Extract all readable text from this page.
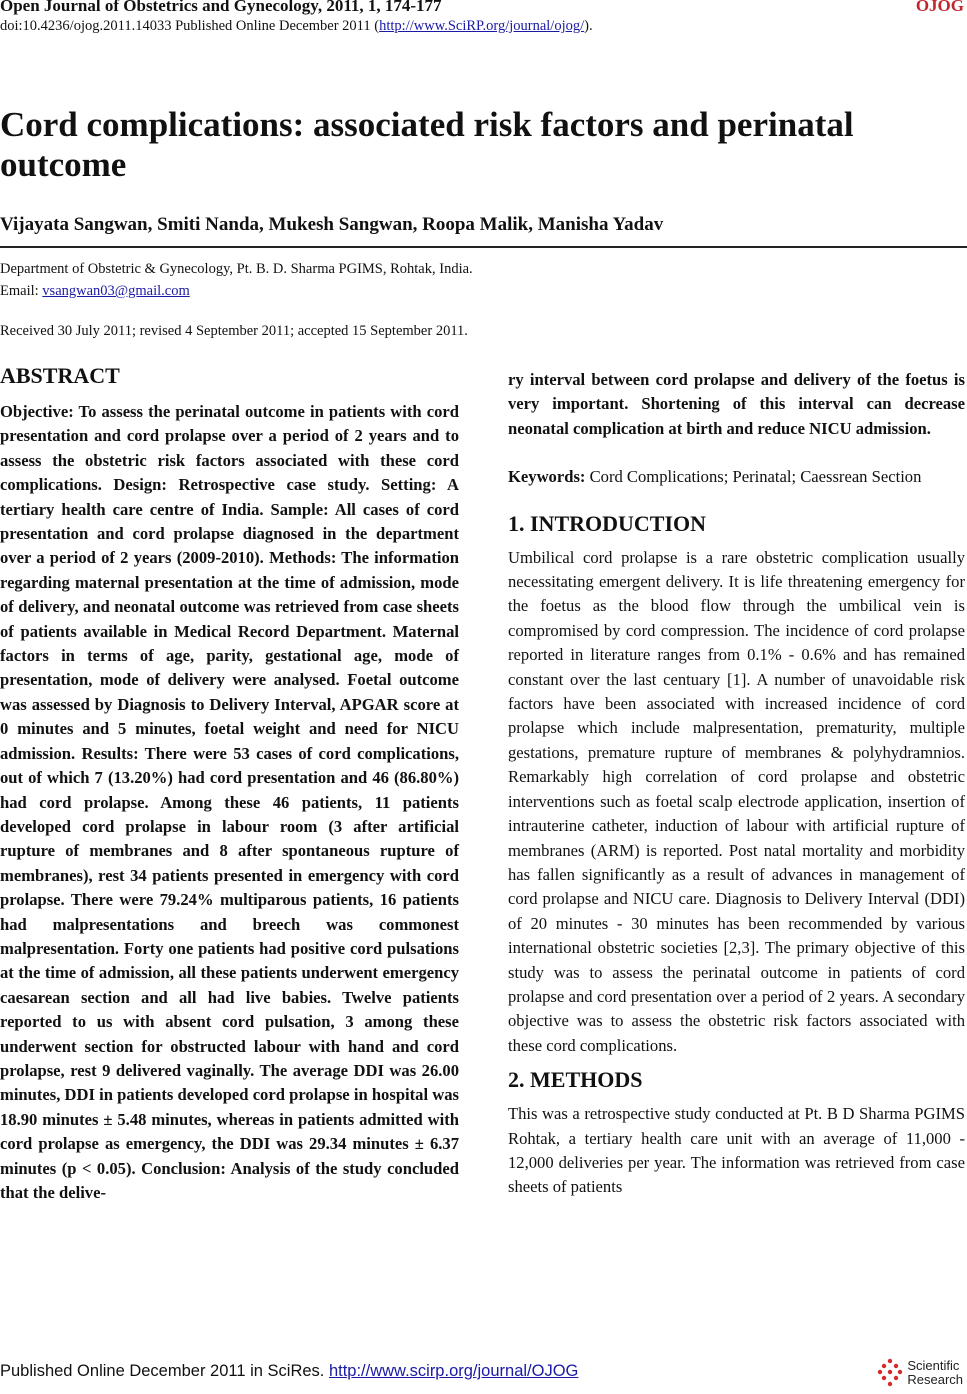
Open Journal of Obstetrics and Gynecology, 2011, 1, 174-177	OJOG
doi:10.4236/ojog.2011.14033 Published Online December 2011 (http://www.SciRP.org/journal/ojog/).
Cord complications: associated risk factors and perinatal outcome
Vijayata Sangwan, Smiti Nanda, Mukesh Sangwan, Roopa Malik, Manisha Yadav
Department of Obstetric & Gynecology, Pt. B. D. Sharma PGIMS, Rohtak, India.
Email: vsangwan03@gmail.com
Received 30 July 2011; revised 4 September 2011; accepted 15 September 2011.
ABSTRACT

Objective: To assess the perinatal outcome in patients with cord presentation and cord prolapse over a period of 2 years and to assess the obstetric risk factors associated with these cord complications. Design: Retrospective case study. Setting: A tertiary health care centre of India. Sample: All cases of cord presentation and cord prolapse diagnosed in the department over a period of 2 years (2009-2010). Methods: The information regarding maternal presentation at the time of admission, mode of delivery, and neonatal outcome was retrieved from case sheets of patients available in Medical Record Department. Maternal factors in terms of age, parity, gestational age, mode of presentation, mode of delivery were analysed. Foetal outcome was assessed by Diagnosis to Delivery Interval, APGAR score at 0 minutes and 5 minutes, foetal weight and need for NICU admission. Results: There were 53 cases of cord complications, out of which 7 (13.20%) had cord presentation and 46 (86.80%) had cord prolapse. Among these 46 patients, 11 patients developed cord prolapse in labour room (3 after artificial rupture of membranes and 8 after spontaneous rupture of membranes), rest 34 patients presented in emergency with cord prolapse. There were 79.24% multiparous patients, 16 patients had malpresentations and breech was commonest malpresentation. Forty one patients had positive cord pulsations at the time of admission, all these patients underwent emergency caesarean section and all had live babies. Twelve patients reported to us with absent cord pulsation, 3 among these underwent section for obstructed labour with hand and cord prolapse, rest 9 delivered vaginally. The average DDI was 26.00 minutes, DDI in patients developed cord prolapse in hospital was 18.90 minutes ± 5.48 minutes, whereas in patients admitted with cord prolapse as emergency, the DDI was 29.34 minutes ± 6.37 minutes (p < 0.05). Conclusion: Analysis of the study concluded that the delive-

ry interval between cord prolapse and delivery of the foetus is very important. Shortening of this interval can decrease neonatal complication at birth and reduce NICU admission.

Keywords: Cord Complications; Perinatal; Caessrean Section

1. INTRODUCTION

Umbilical cord prolapse is a rare obstetric complication usually necessitating emergent delivery. It is life threatening emergency for the foetus as the blood flow through the umbilical vein is compromised by cord compression. The incidence of cord prolapse reported in literature ranges from 0.1% - 0.6% and has remained constant over the last centuary [1]. A number of unavoidable risk factors have been associated with increased incidence of cord prolapse which include malpresentation, prematurity, multiple gestations, premature rupture of membranes & polyhydramnios. Remarkably high correlation of cord prolapse and obstetric interventions such as foetal scalp electrode application, insertion of intrauterine catheter, induction of labour with artificial rupture of membranes (ARM) is reported. Post natal mortality and morbidity has fallen significantly as a result of advances in management of cord prolapse and NICU care. Diagnosis to Delivery Interval (DDI) of 20 minutes - 30 minutes has been recommended by various international obstetric societies [2,3]. The primary objective of this study was to assess the perinatal outcome in patients of cord prolapse and cord presentation over a period of 2 years. A secondary objective was to assess the obstetric risk factors associated with these cord complications.

2. METHODS

This was a retrospective study conducted at Pt. B D Sharma PGIMS Rohtak, a tertiary health care unit with an average of 11,000 - 12,000 deliveries per year. The information was retrieved from case sheets of patients

Published Online December 2011 in SciRes. http://www.scirp.org/journal/OJOG	Scientific
Research
